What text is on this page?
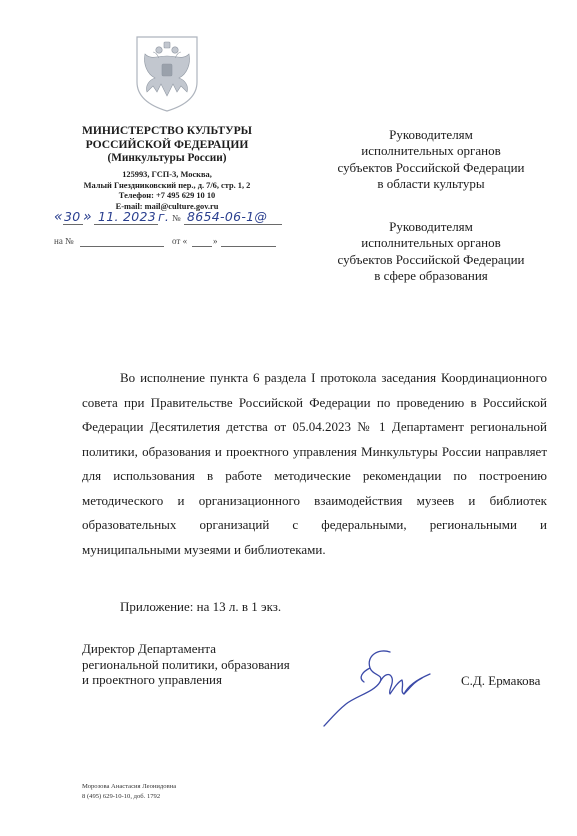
МИНИСТЕРСТВО КУЛЬТУРЫ
РОССИЙСКОЙ ФЕДЕРАЦИИ
(Минкультуры России)
125993, ГСП-3, Москва,
Малый Гнездниковский пер., д. 7/6, стр. 1, 2
Телефон: +7 495 629 10 10
E-mail: mail@culture.gov.ru
« 30 » 11. 2023 г. № 8654-06-1@
на №	от «	»
Руководителям
исполнительных органов
субъектов Российской Федерации
в области культуры
Руководителям
исполнительных органов
субъектов Российской Федерации
в сфере образования

Во исполнение пункта 6 раздела I протокола заседания Координационного совета при Правительстве Российской Федерации по проведению в Российской Федерации Десятилетия детства от 05.04.2023 № 1 Департамент региональной политики, образования и проектного управления Минкультуры России направляет для использования в работе методические рекомендации по построению методического и организационного взаимодействия музеев и библиотек образовательных организаций с федеральными, региональными и муниципальными музеями и библиотеками.

Приложение: на 13 л. в 1 экз.
Директор Департамента
региональной политики, образования
и проектного управления	С.Д. Ермакова
Морозова Анастасия Леонидовна
8 (495) 629-10-10, доб. 1792
